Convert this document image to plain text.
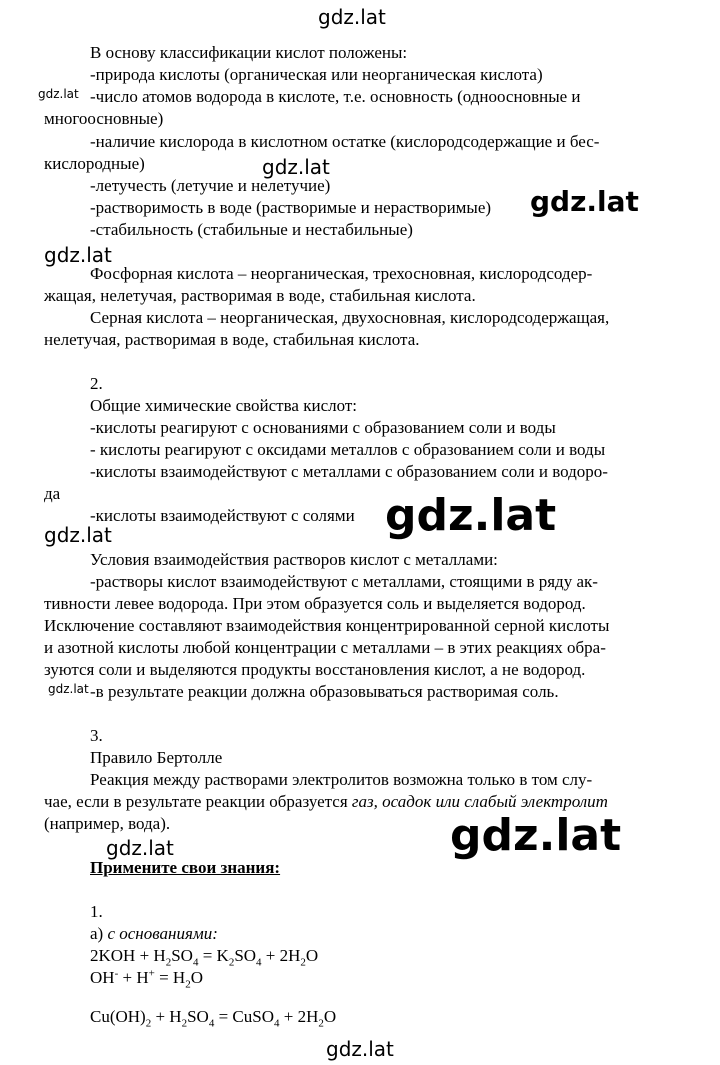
gdz.lat
gdz.lat
gdz.lat
gdz.lat
gdz.lat
gdz.lat
gdz.lat
gdz.lat
gdz.lat
gdz.lat
gdz.lat
В основу классификации кислот положены:
-природа кислоты (органическая или неорганическая кислота)
-число атомов водорода в кислоте, т.е. основность (одноосновные и
многоосновные)
-наличие кислорода в кислотном остатке (кислородсодержащие и бес-
кислородные)
-летучесть (летучие и нелетучие)
-растворимость в воде (растворимые и нерастворимые)
-стабильность (стабильные и нестабильные)
Фосфорная кислота – неорганическая, трехосновная, кислородсодер-
жащая, нелетучая, растворимая в воде, стабильная кислота.
Серная кислота – неорганическая, двухосновная, кислородсодержащая,
нелетучая, растворимая в воде, стабильная кислота.
2.
Общие химические свойства кислот:
-кислоты реагируют с основаниями с образованием соли и воды
- кислоты реагируют с оксидами металлов с образованием соли и воды
-кислоты взаимодействуют с металлами с образованием соли и водоро-
да
-кислоты взаимодействуют с солями
Условия взаимодействия растворов кислот с металлами:
-растворы кислот взаимодействуют с металлами, стоящими в ряду ак-
тивности левее водорода. При этом образуется соль и выделяется водород.
Исключение составляют взаимодействия концентрированной серной кислоты
и азотной кислоты любой концентрации с металлами – в этих реакциях обра-
зуются соли и выделяются продукты восстановления кислот, а не водород.
-в результате реакции должна образовываться растворимая соль.
3.
Правило Бертолле
Реакция между растворами электролитов возможна только в том слу-
чае, если в результате реакции образуется газ, осадок или слабый электролит
(например, вода).
Примените свои знания:
1.
а) с основаниями:
$2KOH + H_2SO_4 = K_2SO_4 + 2H_2O$
$OH^- + H^+ = H_2O$
$Cu(OH)_2 + H_2SO_4$ = CuSO$_4$ + $2H_2O$
